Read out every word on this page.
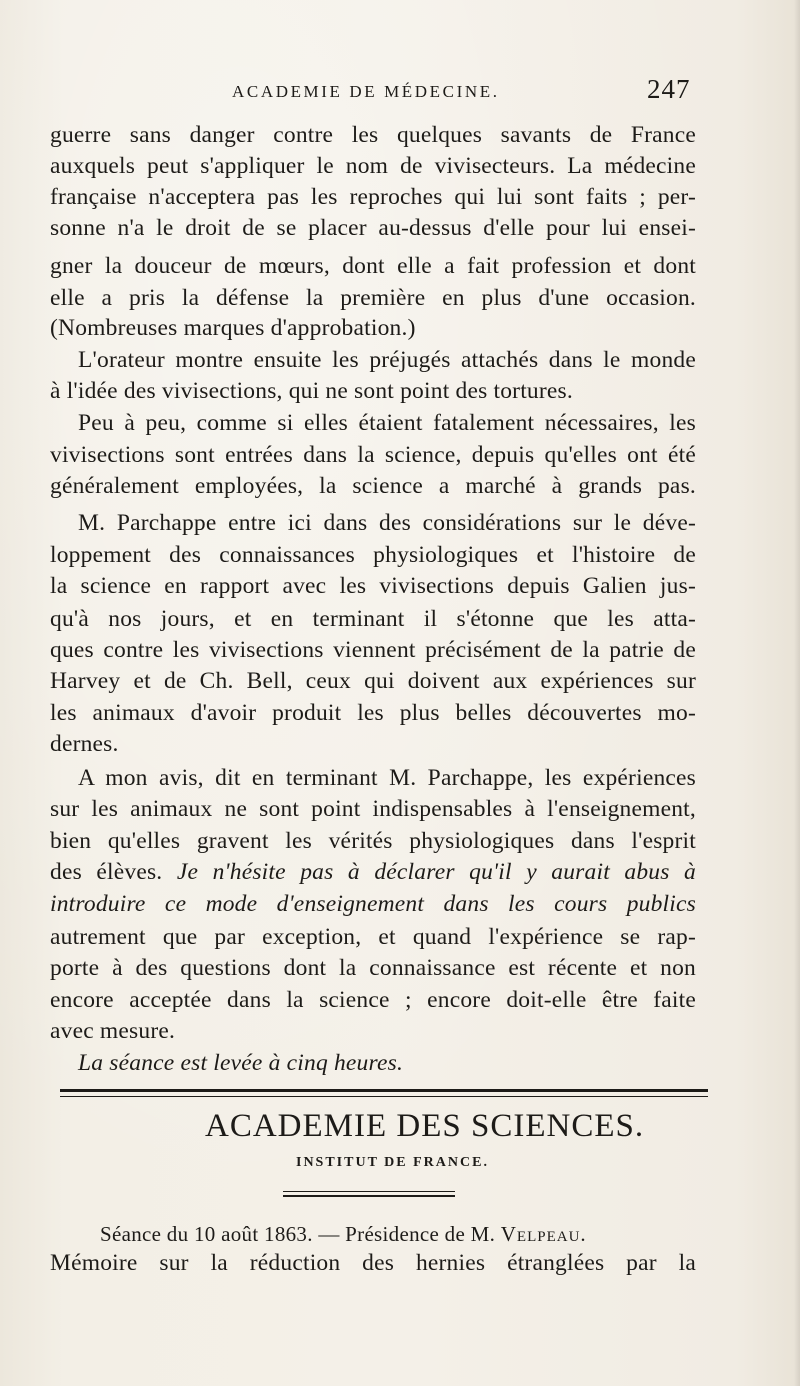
ACADEMIE DE MÉDECINE.	247
guerre sans danger contre les quelques savants de France
auxquels peut s'appliquer le nom de vivisecteurs. La médecine
française n'acceptera pas les reproches qui lui sont faits ; per-
sonne n'a le droit de se placer au-dessus d'elle pour lui ensei-
gner la douceur de mœurs, dont elle a fait profession et dont
elle a pris la défense la première en plus d'une occasion.
(Nombreuses marques d'approbation.)
L'orateur montre ensuite les préjugés attachés dans le monde
à l'idée des vivisections, qui ne sont point des tortures.
Peu à peu, comme si elles étaient fatalement nécessaires, les
vivisections sont entrées dans la science, depuis qu'elles ont été
généralement employées, la science a marché à grands pas.
M. Parchappe entre ici dans des considérations sur le déve-
loppement des connaissances physiologiques et l'histoire de
la science en rapport avec les vivisections depuis Galien jus-
qu'à nos jours, et en terminant il s'étonne que les atta-
ques contre les vivisections viennent précisément de la patrie de
Harvey et de Ch. Bell, ceux qui doivent aux expériences sur
les animaux d'avoir produit les plus belles découvertes mo-
dernes.
A mon avis, dit en terminant M. Parchappe, les expériences
sur les animaux ne sont point indispensables à l'enseignement,
bien qu'elles gravent les vérités physiologiques dans l'esprit
des élèves. Je n'hésite pas à déclarer qu'il y aurait abus à
introduire ce mode d'enseignement dans les cours publics
autrement que par exception, et quand l'expérience se rap-
porte à des questions dont la connaissance est récente et non
encore acceptée dans la science ; encore doit-elle être faite
avec mesure.
La séance est levée à cinq heures.
ACADEMIE DES SCIENCES.
INSTITUT DE FRANCE.
Séance du 10 août 1863. — Présidence de M. Velpeau.
Mémoire sur la réduction des hernies étranglées par la
